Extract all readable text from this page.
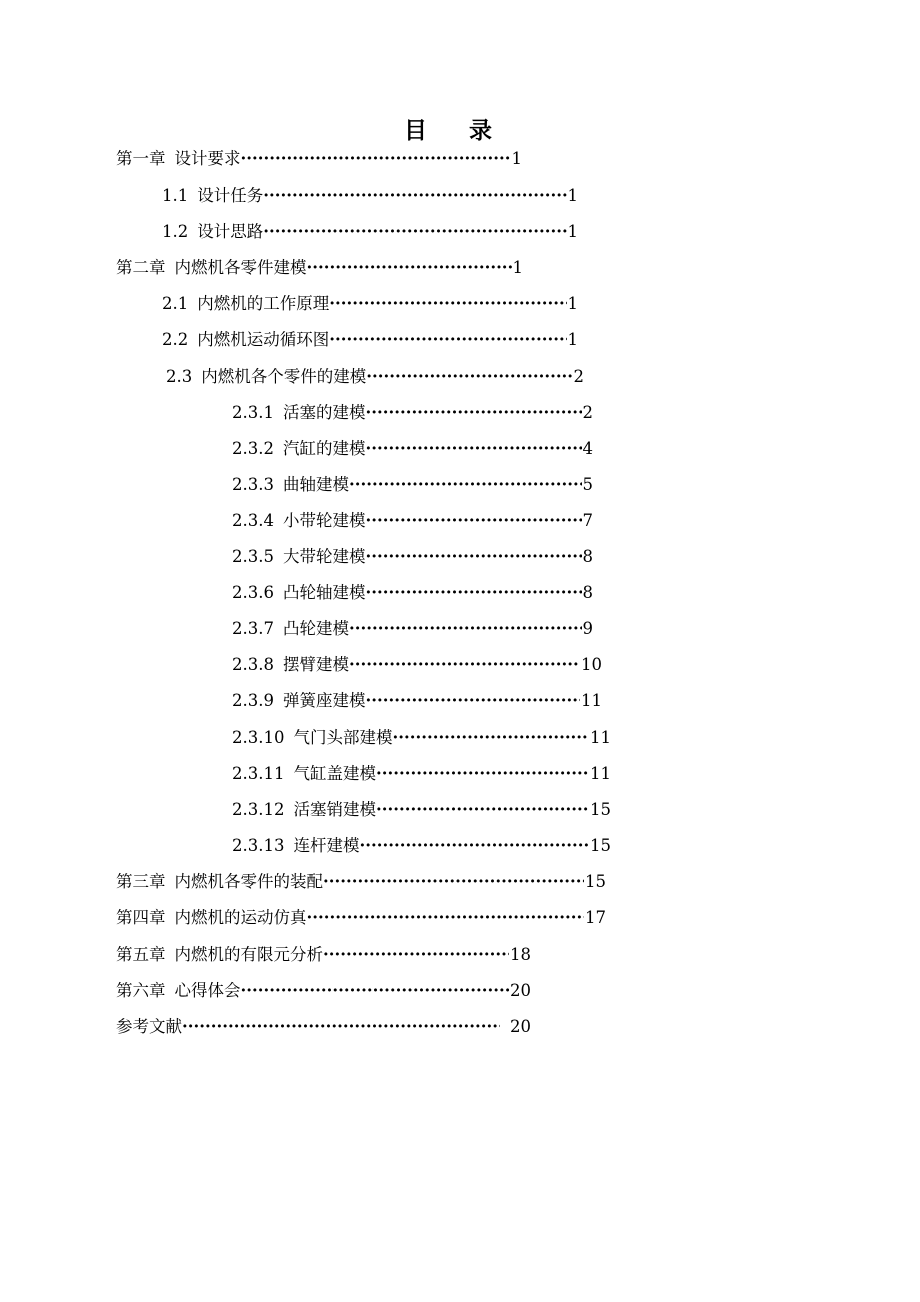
目 录
第一章 设计要求 ·····	1
1.1 设计任务 ·····	1
1.2 设计思路 ·····	1
第二章 内燃机各零件建模 ·····	1
2.1 内燃机的工作原理 ·····	1
2.2 内燃机运动循环图 ·····	1
2.3 内燃机各个零件的建模 ·····	2
2.3.1 活塞的建模 ·····	2
2.3.2 汽缸的建模 ·····	4
2.3.3 曲轴建模 ·····	5
2.3.4 小带轮建模 ·····	7
2.3.5 大带轮建模 ·····	8
2.3.6 凸轮轴建模 ·····	8
2.3.7 凸轮建模 ·····	9
2.3.8 摆臂建模 ·····	10
2.3.9 弹簧座建模 ·····	11
2.3.10 气门头部建模 ·····	11
2.3.11 气缸盖建模 ·····	11
2.3.12 活塞销建模 ·····	15
2.3.13 连杆建模 ·····	15
第三章 内燃机各零件的装配 ·····	15
第四章 内燃机的运动仿真 ·····	17
第五章 内燃机的有限元分析 ·····	18
第六章 心得体会 ·····	20
参考文献 ·····	20
